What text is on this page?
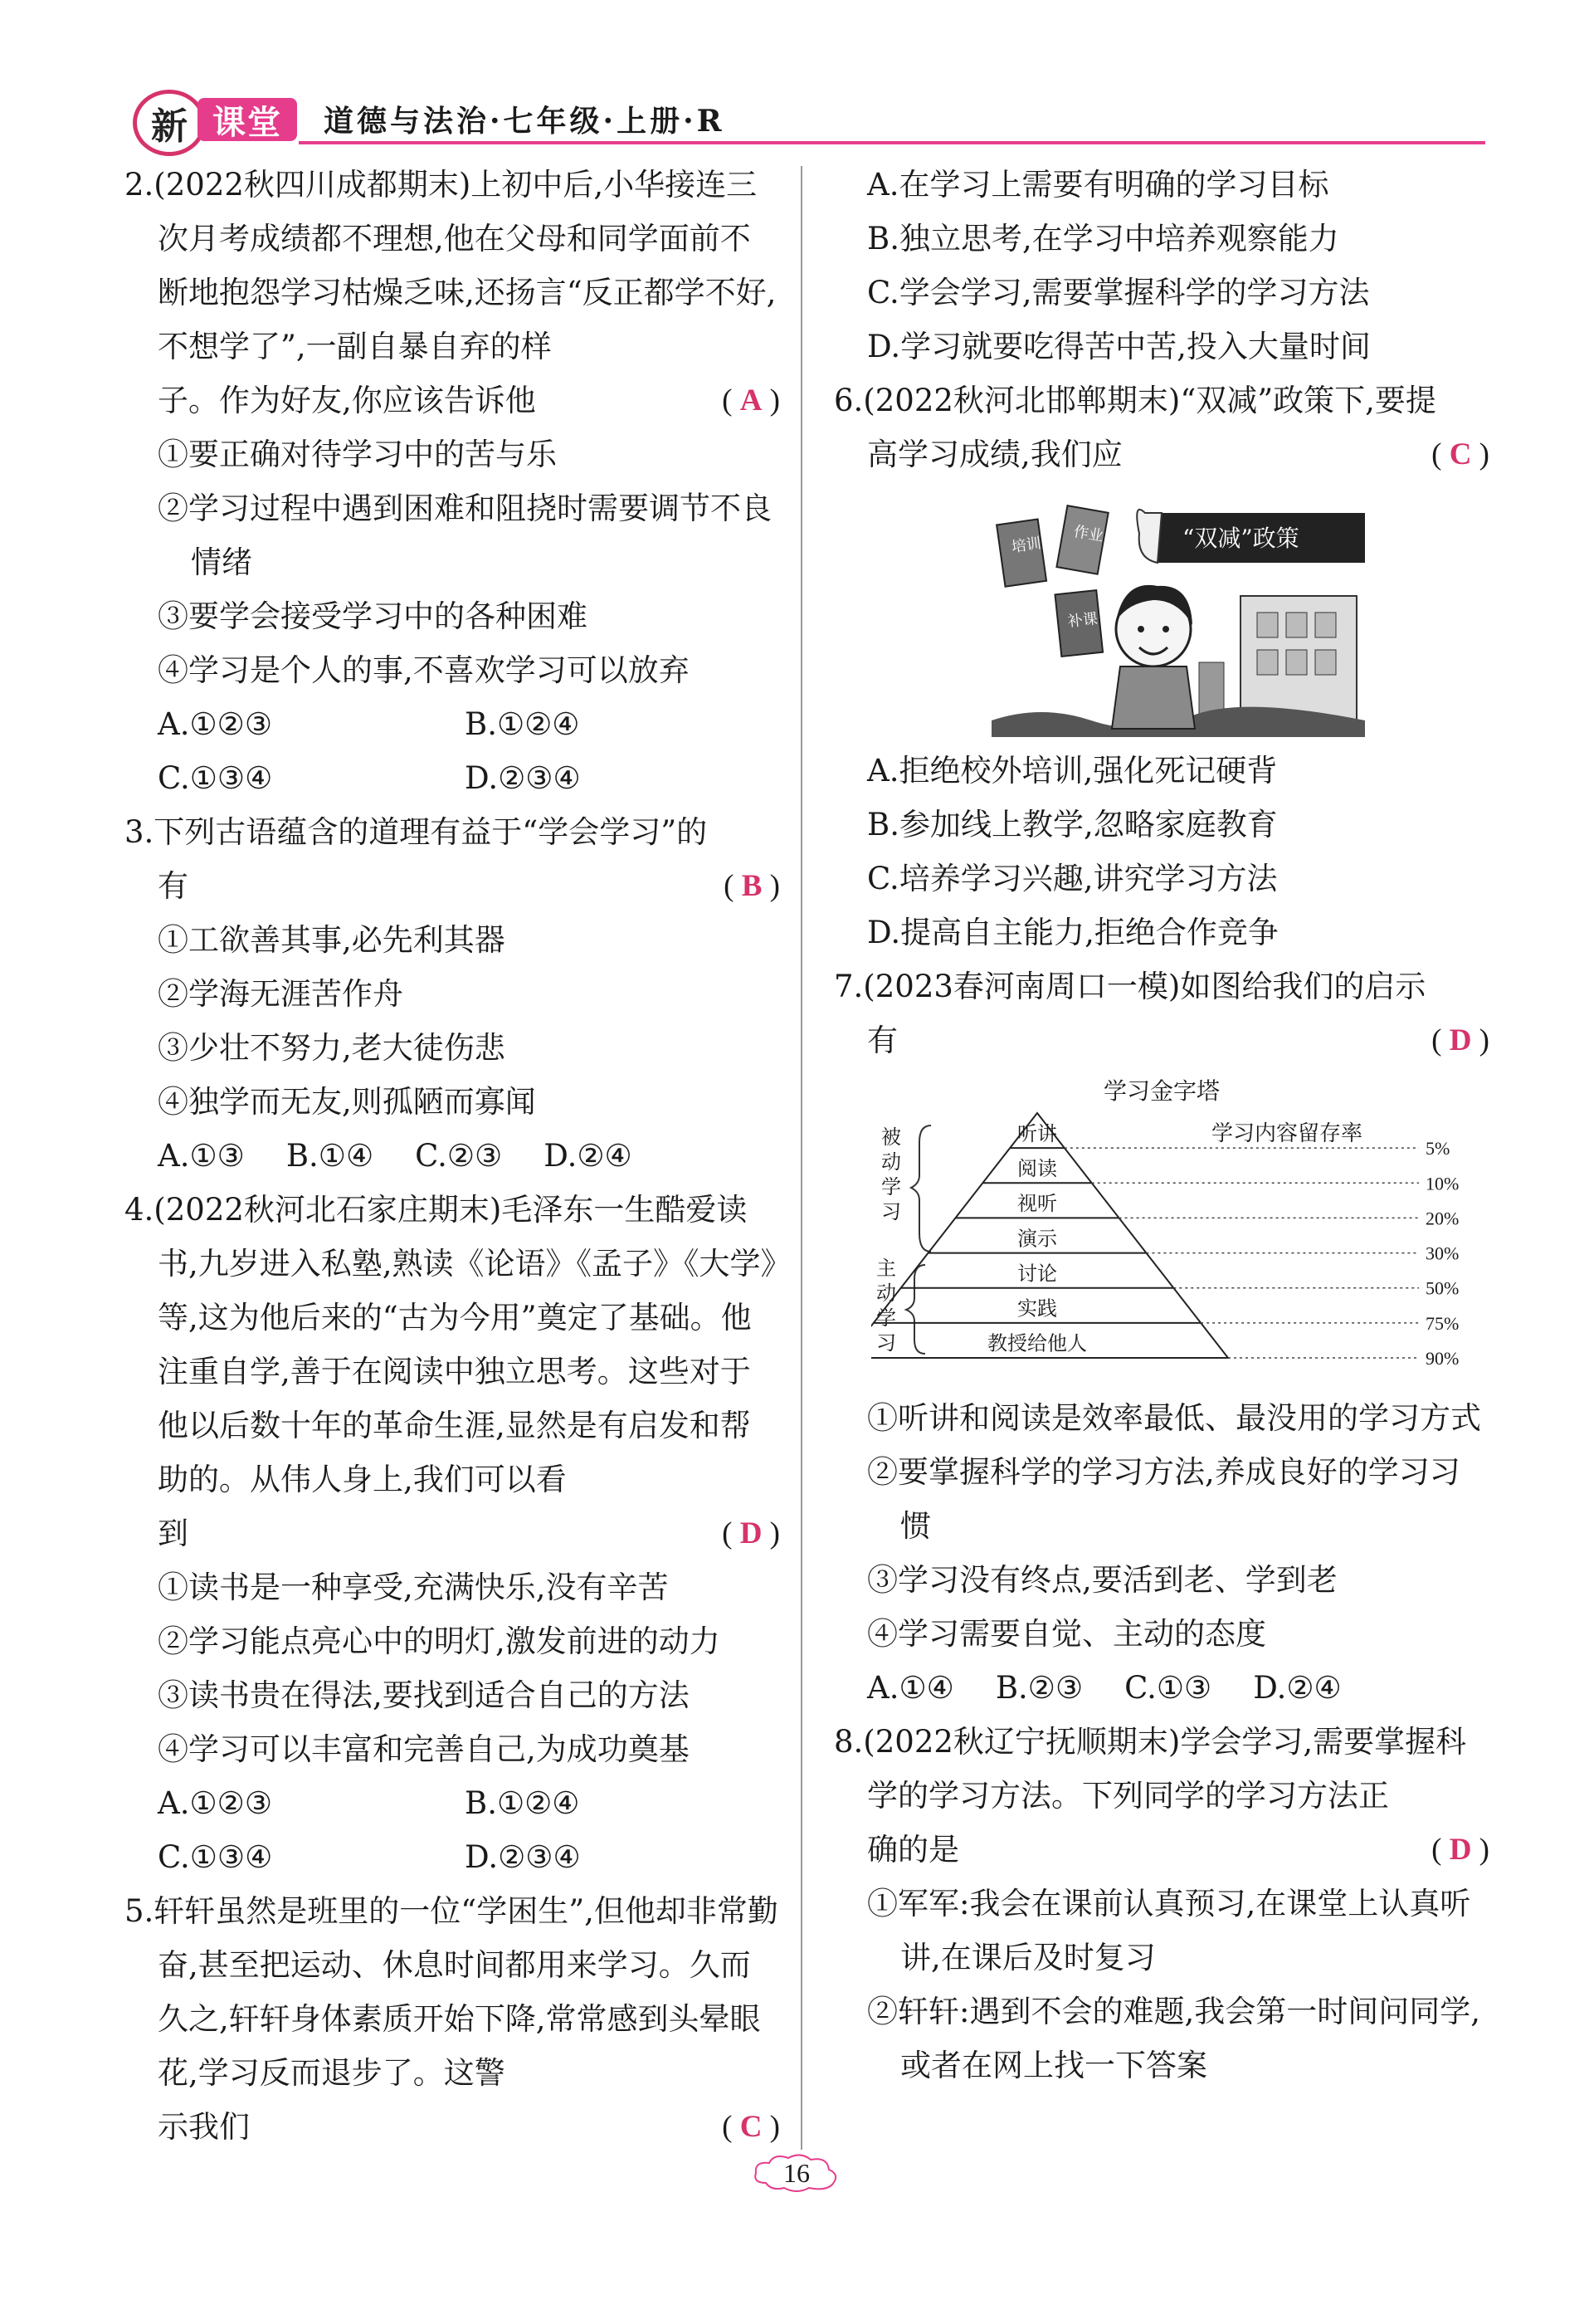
新 课堂	道德与法治·七年级·上册·R
2.(2022秋四川成都期末)上初中后,小华接连三次月考成绩都不理想,他在父母和同学面前不断地抱怨学习枯燥乏味,还扬言“反正都学不好,不想学了”,一副自暴自弃的样
子。作为好友,你应该告诉他	( A )
①要正确对待学习中的苦与乐
②学习过程中遇到困难和阻挠时需要调节不良情绪
③要学会接受学习中的各种困难
④学习是个人的事,不喜欢学习可以放弃
A.①②③	B.①②④
C.①③④	D.②③④
3.下列古语蕴含的道理有益于“学会学习”的
有	( B )
①工欲善其事,必先利其器
②学海无涯苦作舟
③少壮不努力,老大徒伤悲
④独学而无友,则孤陋而寡闻
A.①③ B.①④ C.②③ D.②④
4.(2022秋河北石家庄期末)毛泽东一生酷爱读书,九岁进入私塾,熟读《论语》《孟子》《大学》等,这为他后来的“古为今用”奠定了基础。他注重自学,善于在阅读中独立思考。这些对于他以后数十年的革命生涯,显然是有启发和帮助的。从伟人身上,我们可以看
到	( D )
①读书是一种享受,充满快乐,没有辛苦
②学习能点亮心中的明灯,激发前进的动力
③读书贵在得法,要找到适合自己的方法
④学习可以丰富和完善自己,为成功奠基
A.①②③	B.①②④
C.①③④	D.②③④
5.轩轩虽然是班里的一位“学困生”,但他却非常勤奋,甚至把运动、休息时间都用来学习。久而久之,轩轩身体素质开始下降,常常感到头晕眼花,学习反而退步了。这警
示我们	( C )
A.在学习上需要有明确的学习目标
B.独立思考,在学习中培养观察能力
C.学会学习,需要掌握科学的学习方法
D.学习就要吃得苦中苦,投入大量时间
6.(2022秋河北邯郸期末)“双减”政策下,要提
高学习成绩,我们应	( C )
“双减”政策
培训
作业
补课
A.拒绝校外培训,强化死记硬背
B.参加线上教学,忽略家庭教育
C.培养学习兴趣,讲究学习方法
D.提高自主能力,拒绝合作竞争
7.(2023春河南周口一模)如图给我们的启示
有	( D )
学习金字塔
学习内容留存率
被
动
学
习
主
动
学
习
听讲
5%
阅读
10%
视听
20%
演示
30%
讨论
50%
实践
75%
教授给他人
90%
①听讲和阅读是效率最低、最没用的学习方式
②要掌握科学的学习方法,养成良好的学习习惯
③学习没有终点,要活到老、学到老
④学习需要自觉、主动的态度
A.①④ B.②③ C.①③ D.②④
8.(2022秋辽宁抚顺期末)学会学习,需要掌握科学的学习方法。下列同学的学习方法正
确的是	( D )
①军军:我会在课前认真预习,在课堂上认真听讲,在课后及时复习
②轩轩:遇到不会的难题,我会第一时间问同学,或者在网上找一下答案
16
